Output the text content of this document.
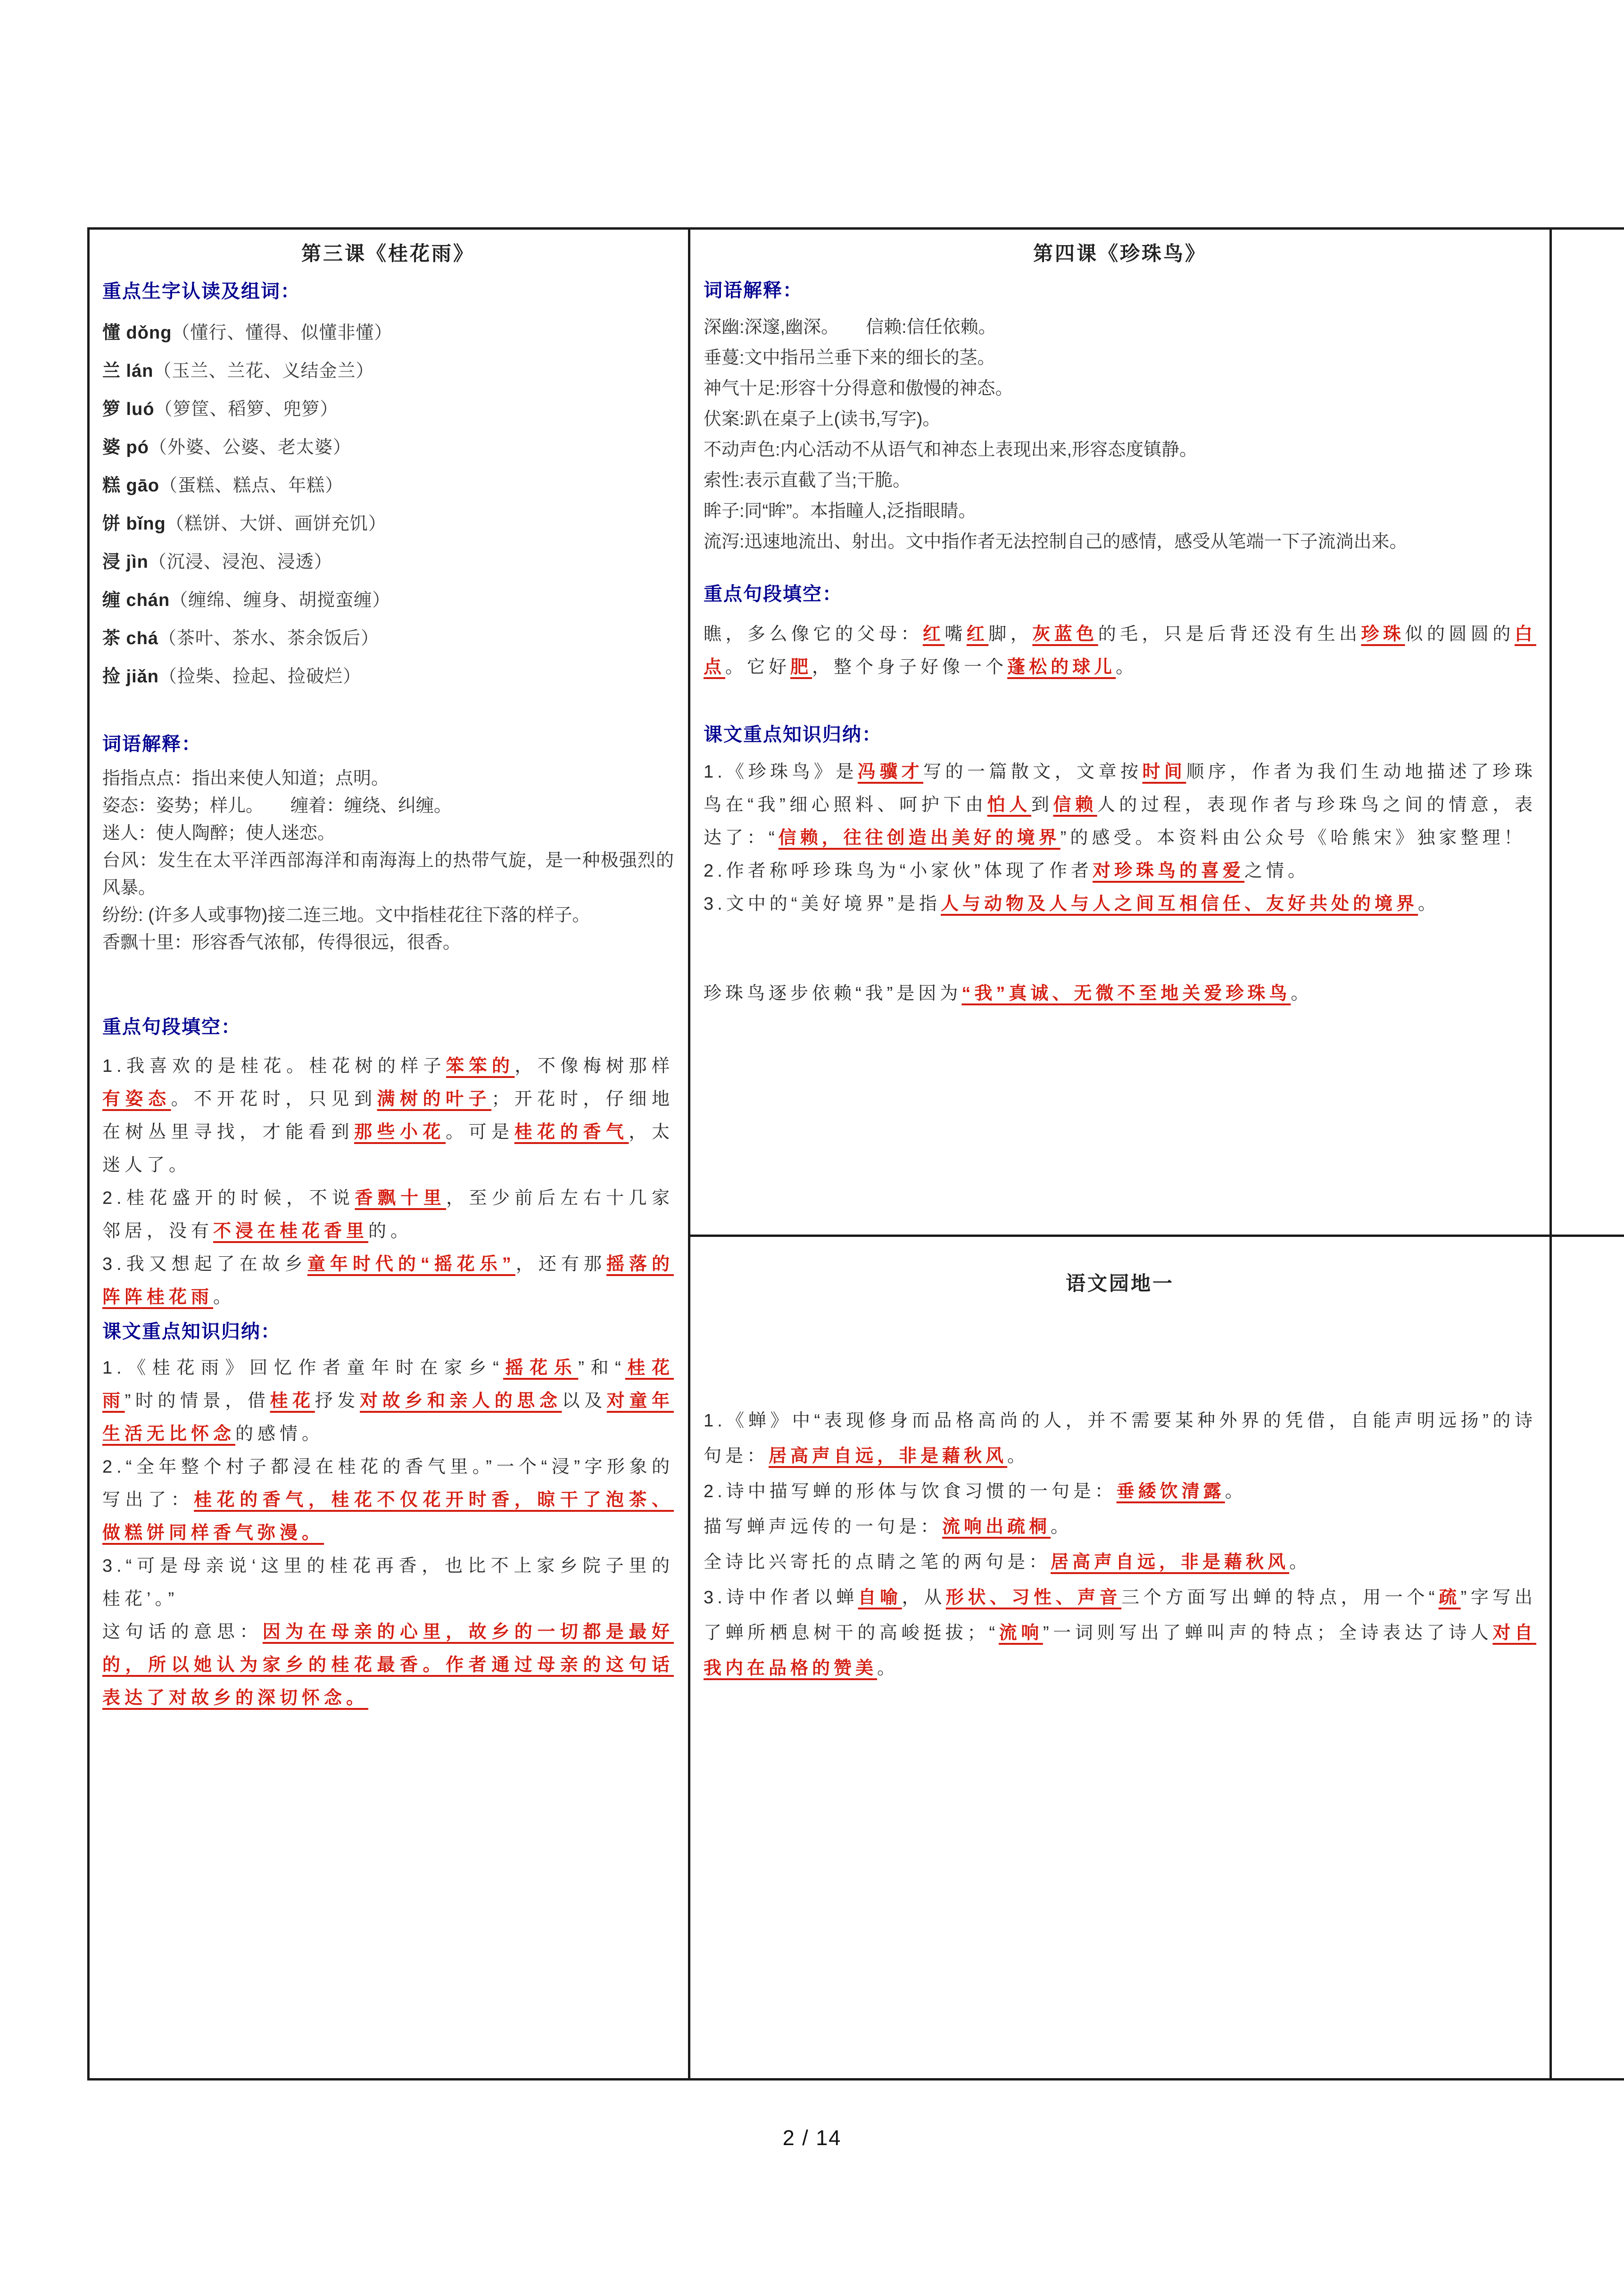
第三课《桂花雨》
重点生字认读及组词：
懂 dǒng（懂行、懂得、似懂非懂）
兰 lán（玉兰、兰花、义结金兰）
箩 luó（箩筐、稻箩、兜箩）
婆 pó（外婆、公婆、老太婆）
糕 gāo（蛋糕、糕点、年糕）
饼 bǐng（糕饼、大饼、画饼充饥）
浸 jìn（沉浸、浸泡、浸透）
缠 chán（缠绵、缠身、胡搅蛮缠）
茶 chá（茶叶、茶水、茶余饭后）
捡 jiǎn（捡柴、捡起、捡破烂）
词语解释：

指指点点：指出来使人知道；点明。

姿态：姿势；样儿。　　缠着：缠绕、纠缠。

迷人：使人陶醉；使人迷恋。

台风：发生在太平洋西部海洋和南海海上的热带气旋，是一种极强烈的风暴。

纷纷: (许多人或事物)接二连三地。文中指桂花往下落的样子。

香飘十里：形容香气浓郁，传得很远，很香。

重点句段填空：

1.我喜欢的是桂花。桂花树的样子笨笨的，不像梅树那样有姿态。不开花时，只见到满树的叶子；开花时，仔细地在树丛里寻找，才能看到那些小花。可是桂花的香气，太迷人了。

2.桂花盛开的时候，不说香飘十里，至少前后左右十几家邻居，没有不浸在桂花香里的。

3.我又想起了在故乡童年时代的“摇花乐”，还有那摇落的阵阵桂花雨。

课文重点知识归纳：

1.《桂花雨》回忆作者童年时在家乡“摇花乐”和“桂花雨”时的情景，借桂花抒发对故乡和亲人的思念以及对童年生活无比怀念的感情。

2.“全年整个村子都浸在桂花的香气里。”一个“浸”字形象的写出了：桂花的香气，桂花不仅花开时香，晾干了泡茶、做糕饼同样香气弥漫。

3.“可是母亲说‘这里的桂花再香，也比不上家乡院子里的桂花’。”

这句话的意思：因为在母亲的心里，故乡的一切都是最好的，所以她认为家乡的桂花最香。作者通过母亲的这句话表达了对故乡的深切怀念。

第四课《珍珠鸟》
词语解释：

深幽:深邃,幽深。　　信赖:信任依赖。

垂蔓:文中指吊兰垂下来的细长的茎。

神气十足:形容十分得意和傲慢的神态。

伏案:趴在桌子上(读书,写字)。

不动声色:内心活动不从语气和神态上表现出来,形容态度镇静。

索性:表示直截了当;干脆。

眸子:同“眸”。本指瞳人,泛指眼睛。

流泻:迅速地流出、射出。文中指作者无法控制自己的感情，感受从笔端一下子流淌出来。

重点句段填空：

瞧，多么像它的父母：红嘴红脚，灰蓝色的毛，只是后背还没有生出珍珠似的圆圆的白点。它好肥，整个身子好像一个蓬松的球儿。

课文重点知识归纳：

1.《珍珠鸟》是冯骥才写的一篇散文，文章按时间顺序，作者为我们生动地描述了珍珠鸟在“我”细心照料、呵护下由怕人到信赖人的过程，表现作者与珍珠鸟之间的情意，表达了：“信赖，往往创造出美好的境界”的感受。本资料由公众号《哈熊宋》独家整理！

2.作者称呼珍珠鸟为“小家伙”体现了作者对珍珠鸟的喜爱之情。

3.文中的“美好境界”是指人与动物及人与人之间互相信任、友好共处的境界。

珍珠鸟逐步依赖“我”是因为“我”真诚、无微不至地关爱珍珠鸟。

语文园地一

1.《蝉》中“表现修身而品格高尚的人，并不需要某种外界的凭借，自能声明远扬”的诗句是：居高声自远，非是藉秋风。

2.诗中描写蝉的形体与饮食习惯的一句是：垂緌饮清露。

描写蝉声远传的一句是：流响出疏桐。

全诗比兴寄托的点睛之笔的两句是：居高声自远，非是藉秋风。

3.诗中作者以蝉自喻，从形状、习性、声音三个方面写出蝉的特点，用一个“疏”字写出了蝉所栖息树干的高峻挺拔；“流响”一词则写出了蝉叫声的特点；全诗表达了诗人对自我内在品格的赞美。

2 / 14
